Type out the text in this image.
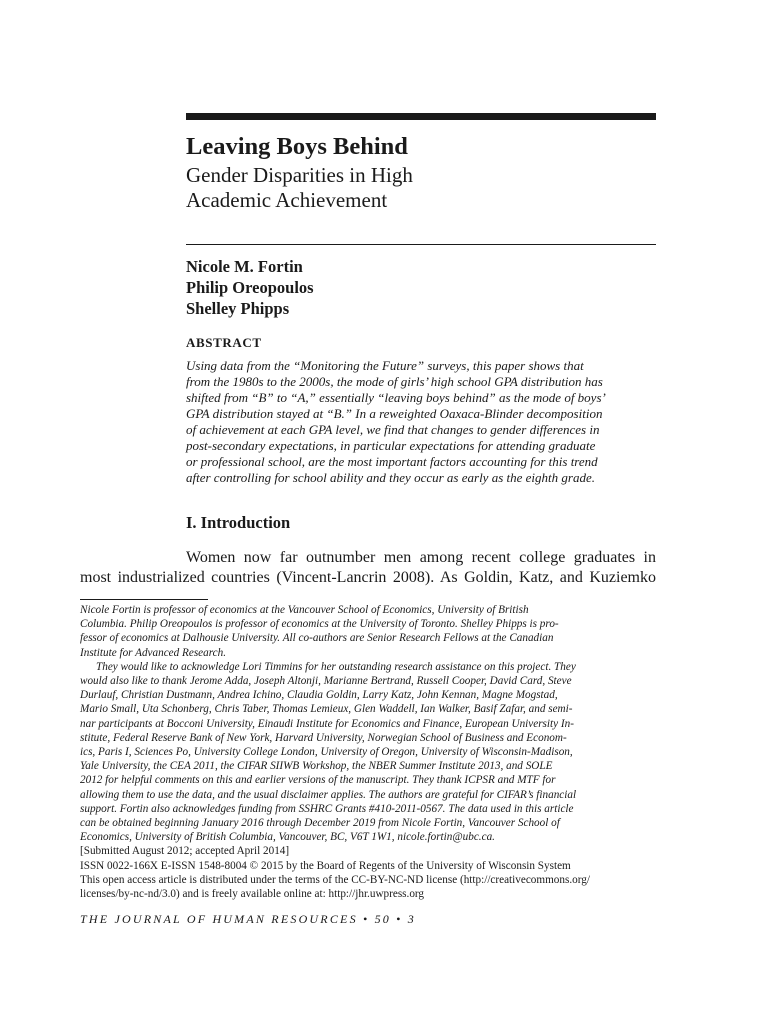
Leaving Boys Behind
Gender Disparities in High
Academic Achievement
Nicole M. Fortin
Philip Oreopoulos
Shelley Phipps
ABSTRACT
Using data from the “Monitoring the Future” surveys, this paper shows that
from the 1980s to the 2000s, the mode of girls’ high school GPA distribution has
shifted from “B” to “A,” essentially “leaving boys behind” as the mode of boys’
GPA distribution stayed at “B.” In a reweighted Oaxaca-Blinder decomposition
of achievement at each GPA level, we find that changes to gender differences in
post-secondary expectations, in particular expectations for attending graduate
or professional school, are the most important factors accounting for this trend
after controlling for school ability and they occur as early as the eighth grade.
I. Introduction

Women now far outnumber men among recent college graduates in

most industrialized countries (Vincent-Lancrin 2008). As Goldin, Katz, and Kuziemko

Nicole Fortin is professor of economics at the Vancouver School of Economics, University of British
Columbia. Philip Oreopoulos is professor of economics at the University of Toronto. Shelley Phipps is pro-
fessor of economics at Dalhousie University. All co-authors are Senior Research Fellows at the Canadian
Institute for Advanced Research.
They would like to acknowledge Lori Timmins for her outstanding research assistance on this project. They
would also like to thank Jerome Adda, Joseph Altonji, Marianne Bertrand, Russell Cooper, David Card, Steve
Durlauf, Christian Dustmann, Andrea Ichino, Claudia Goldin, Larry Katz, John Kennan, Magne Mogstad,
Mario Small, Uta Schonberg, Chris Taber, Thomas Lemieux, Glen Waddell, Ian Walker, Basif Zafar, and semi-
nar participants at Bocconi University, Einaudi Institute for Economics and Finance, European University In-
stitute, Federal Reserve Bank of New York, Harvard University, Norwegian School of Business and Econom-
ics, Paris I, Sciences Po, University College London, University of Oregon, University of Wisconsin-Madison,
Yale University, the CEA 2011, the CIFAR SIIWB Workshop, the NBER Summer Institute 2013, and SOLE
2012 for helpful comments on this and earlier versions of the manuscript. They thank ICPSR and MTF for
allowing them to use the data, and the usual disclaimer applies. The authors are grateful for CIFAR’s financial
support. Fortin also acknowledges funding from SSHRC Grants #410-2011-0567. The data used in this article
can be obtained beginning January 2016 through December 2019 from Nicole Fortin, Vancouver School of
Economics, University of British Columbia, Vancouver, BC, V6T 1W1, nicole.fortin@ubc.ca.
[Submitted August 2012; accepted April 2014]
ISSN 0022-166X E-ISSN 1548-8004 © 2015 by the Board of Regents of the University of Wisconsin System
This open access article is distributed under the terms of the CC-BY-NC-ND license (http://creativecommons.org/
licenses/by-nc-nd/3.0) and is freely available online at: http://jhr.uwpress.org

THE JOURNAL OF HUMAN RESOURCES • 50 • 3
